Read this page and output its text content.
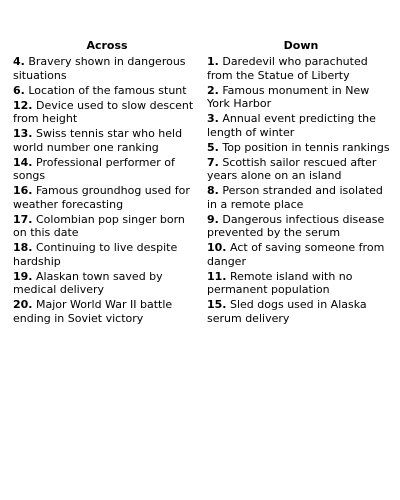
Across
4. Bravery shown in dangerous situations
6. Location of the famous stunt
12. Device used to slow descent from height
13. Swiss tennis star who held world number one ranking
14. Professional performer of songs
16. Famous groundhog used for weather forecasting
17. Colombian pop singer born on this date
18. Continuing to live despite hardship
19. Alaskan town saved by medical delivery
20. Major World War II battle ending in Soviet victory
Down
1. Daredevil who parachuted from the Statue of Liberty
2. Famous monument in New York Harbor
3. Annual event predicting the length of winter
5. Top position in tennis rankings
7. Scottish sailor rescued after years alone on an island
8. Person stranded and isolated in a remote place
9. Dangerous infectious disease prevented by the serum
10. Act of saving someone from danger
11. Remote island with no permanent population
15. Sled dogs used in Alaska serum delivery
